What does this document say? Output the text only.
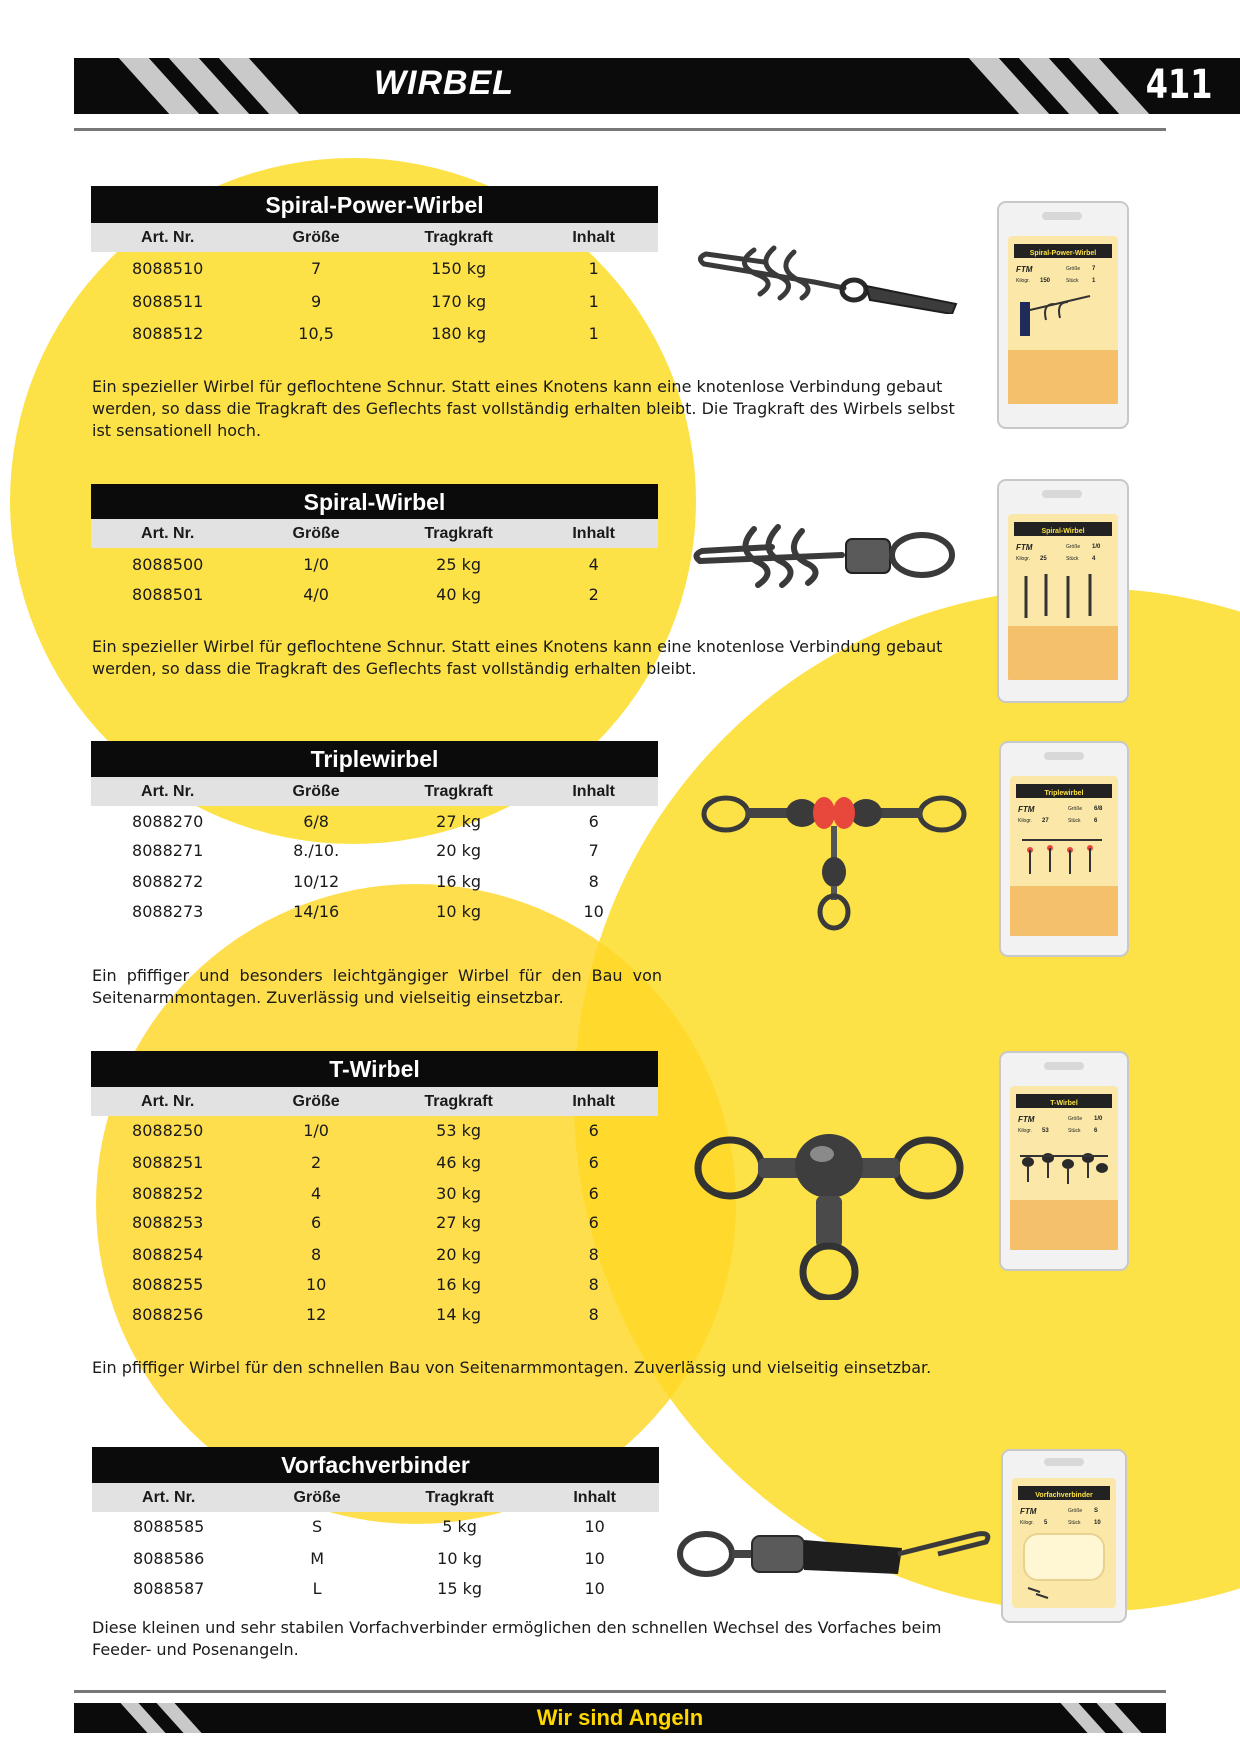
WIRBEL	411
Spiral-Power-Wirbel
Art. Nr.	Größe	Tragkraft	Inhalt
8088510	7	150 kg	1
8088511	9	170 kg	1
8088512	10,5	180 kg	1
Ein spezieller Wirbel für geflochtene Schnur. Statt eines Knotens kann eine knotenlose Verbindung gebaut werden, so dass die Tragkraft des Geflechts fast vollständig erhalten bleibt. Die Tragkraft des Wirbels selbst ist sensationell hoch.
Spiral-Wirbel
Art. Nr.	Größe	Tragkraft	Inhalt
8088500	1/0	25 kg	4
8088501	4/0	40 kg	2
Ein spezieller Wirbel für geflochtene Schnur. Statt eines Knotens kann eine knotenlose Verbindung gebaut werden, so dass die Tragkraft des Geflechts fast vollständig erhalten bleibt.
Triplewirbel
Art. Nr.	Größe	Tragkraft	Inhalt
8088270	6/8	27 kg	6
8088271	8./10.	20 kg	7
8088272	10/12	16 kg	8
8088273	14/16	10 kg	10
Ein pfiffiger und besonders leichtgängiger Wirbel für den Bau von Seitenarmmontagen. Zuverlässig und vielseitig einsetzbar.
T-Wirbel
Art. Nr.	Größe	Tragkraft	Inhalt
8088250	1/0	53 kg	6
8088251	2	46 kg	6
8088252	4	30 kg	6
8088253	6	27 kg	6
8088254	8	20 kg	8
8088255	10	16 kg	8
8088256	12	14 kg	8
Ein pfiffiger Wirbel für den schnellen Bau von Seitenarmmontagen. Zuverlässig und vielseitig einsetzbar.
Vorfachverbinder
Art. Nr.	Größe	Tragkraft	Inhalt
8088585	S	5 kg	10
8088586	M	10 kg	10
8088587	L	15 kg	10
Diese kleinen und sehr stabilen Vorfachverbinder ermöglichen den schnellen Wechsel des Vorfaches beim Feeder- und Posenangeln.
Spiral-Power-Wirbel
FTM	Größe 7
Kilogr. 150	Stück 1
Spiral-Wirbel
FTM	Größe 1/0
Kilogr. 25	Stück 4
Triplewirbel
FTM	Größe 6/8
Kilogr. 27	Stück 6
T-Wirbel
FTM	Größe 1/0
Kilogr. 53	Stück 6
Vorfachverbinder
FTM	Größe S
Kilogr. 5	Stück 10
Wir sind Angeln
